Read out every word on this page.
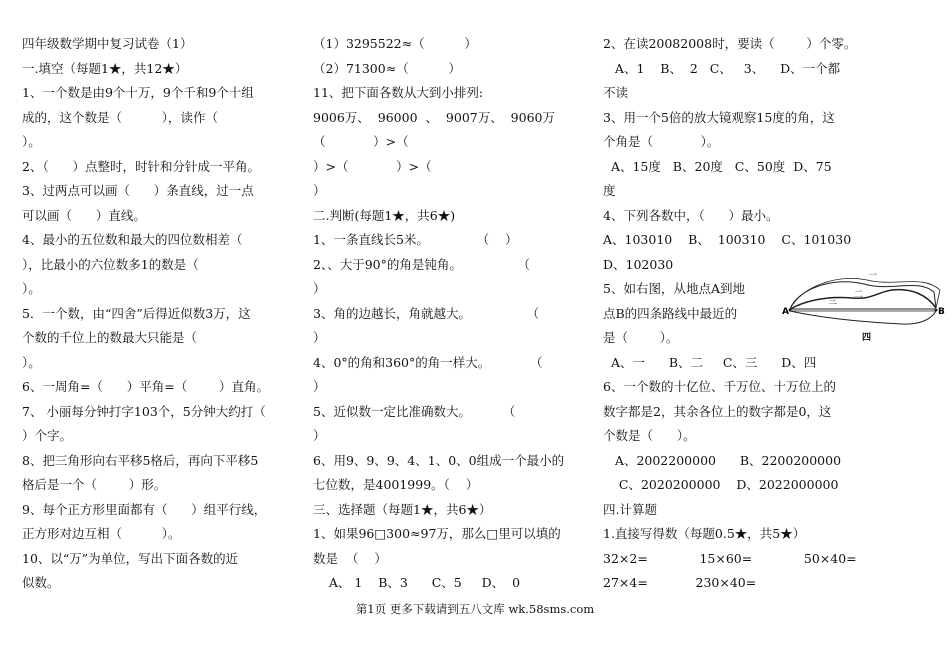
四年级数学期中复习试卷（1）
一.填空（每题1★，共12★）
1、一个数是由9个十万，9个千和9个十组
成的，这个数是（          ），读作（
）。
2、（      ）点整时，时针和分针成一平角。
3、过两点可以画（      ）条直线，过一点
可以画（      ）直线。
4、最小的五位数和最大的四位数相差（
），比最小的六位数多1的数是（
）。
5．一个数，由“四舍”后得近似数3万，这
个数的千位上的数最大只能是（
）。
6、一周角=（      ）平角=（        ）直角。
7、 小丽每分钟打字103个，5分钟大约打（
）个字。
8、把三角形向右平移5格后，再向下平移5
格后是一个（        ）形。
9、每个正方形里面都有（      ）组平行线，
正方形对边互相（          ）。
10、以“万”为单位，写出下面各数的近
似数。
（1）3295522≈（          ）
（2）71300≈（          ）
11、把下面各数从大到小排列:
9006万、  96000  、  9007万、  9060万
（            ）>（
）>（            ）>（
）
二.判断(每题1★，共6★)
1、一条直线长5米。            （    ）
2、、大于90°的角是钝角。              （
）
3、角的边越长，角就越大。              （
）
4、0°的角和360°的角一样大。          （
）
5、近似数一定比准确数大。        （
）
6、用9、9、9、4、1、0、0组成一个最小的
七位数，是4001999。（    ）
三、选择题（每题1★，共6★）
1、如果96□300≈97万，那么□里可以填的
数是  （    ）
A、 1    B、3      C、5     D、  0
2、在读20082008时，要读（        ）个零。
A、1    B、  2   C、   3、    D、一个都
不读
3、用一个5倍的放大镜观察15度的角，这
个角是（            ）。
A、15度   B、20度   C、50度  D、75
度
4、下列各数中，（      ）最小。
A、103010    B、  100310    C、101030
D、102030
5、如右图，从地点A到地
点B的四条路线中最近的
是（        ）。
A、一      B、二     C、三      D、四
6、一个数的十亿位、千万位、十万位上的
数字都是2，其余各位上的数字都是0，这
个数是（      ）。
A、2002200000      B、2200200000
C、2020200000    D、2022000000
四.计算题
1.直接写得数（每题0.5★，共5★）
32×2=             15×60=             50×40=
27×4=            230×40=
A	B
一
二
三
四
第1页 更多下载请到五八文库 wk.58sms.com
